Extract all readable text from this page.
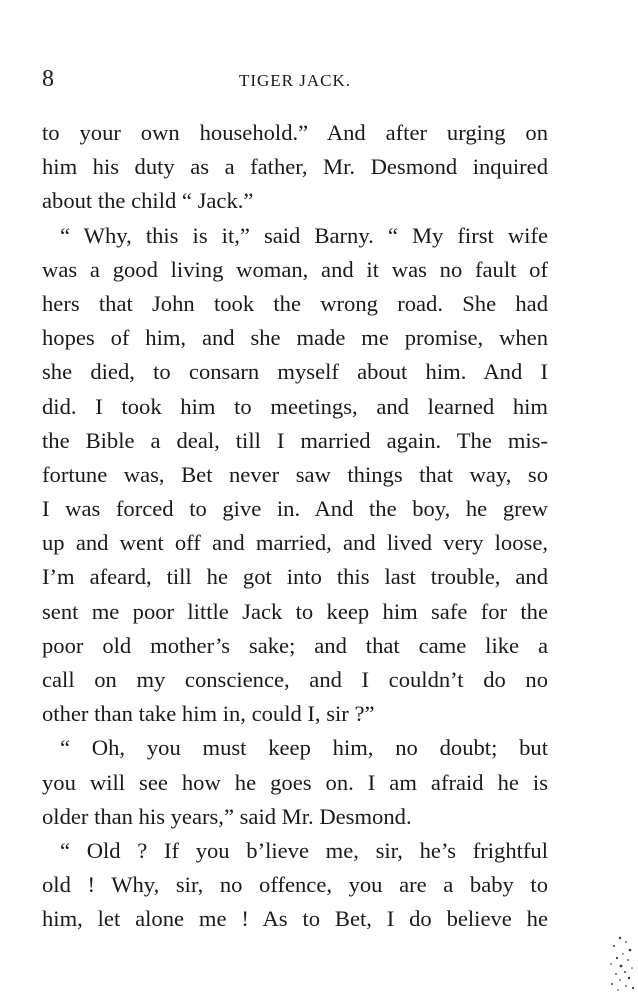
8	TIGER JACK.
to your own household.” And after urging on
him his duty as a father, Mr. Desmond inquired
about the child “ Jack.”
“ Why, this is it,” said Barny. “ My first wife
was a good living woman, and it was no fault of
hers that John took the wrong road. She had
hopes of him, and she made me promise, when
she died, to consarn myself about him. And I
did. I took him to meetings, and learned him
the Bible a deal, till I married again. The mis-
fortune was, Bet never saw things that way, so
I was forced to give in. And the boy, he grew
up and went off and married, and lived very loose,
I’m afeard, till he got into this last trouble, and
sent me poor little Jack to keep him safe for the
poor old mother’s sake; and that came like a
call on my conscience, and I couldn’t do no
other than take him in, could I, sir ?”
“ Oh, you must keep him, no doubt; but
you will see how he goes on. I am afraid he is
older than his years,” said Mr. Desmond.
“ Old ? If you b’lieve me, sir, he’s frightful
old ! Why, sir, no offence, you are a baby to
him, let alone me ! As to Bet, I do believe he
